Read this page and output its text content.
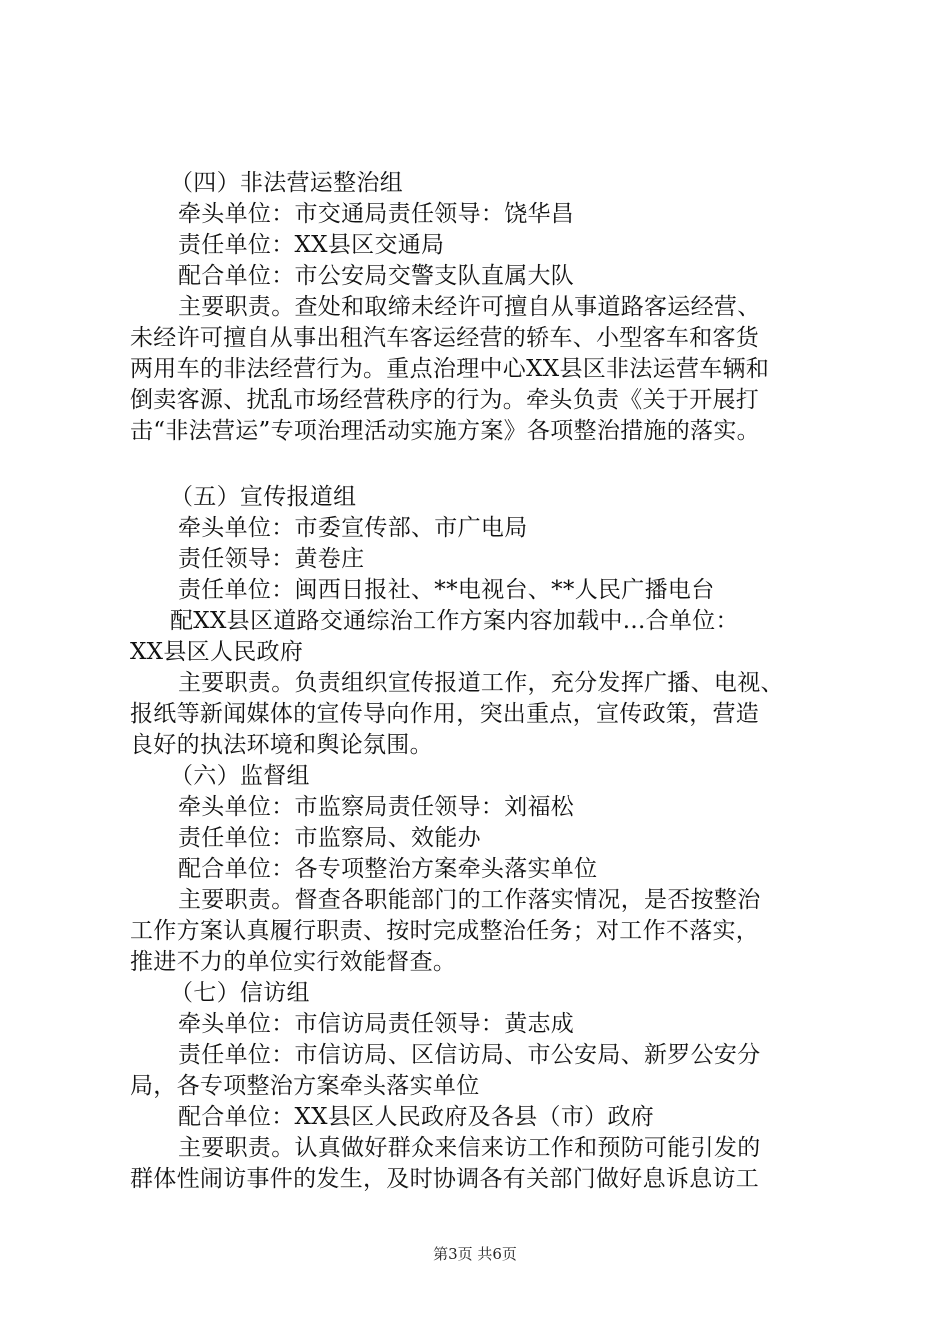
（四）非法营运整治组
牵头单位：市交通局责任领导：饶华昌
责任单位：XX县区交通局
配合单位：市公安局交警支队直属大队
主要职责。查处和取缔未经许可擅自从事道路客运经营、
未经许可擅自从事出租汽车客运经营的轿车、小型客车和客货
两用车的非法经营行为。重点治理中心XX县区非法运营车辆和
倒卖客源、扰乱市场经营秩序的行为。牵头负责《关于开展打
击“非法营运”专项治理活动实施方案》各项整治措施的落实。
（五）宣传报道组
牵头单位：市委宣传部、市广电局
责任领导：黄卷庄
责任单位：闽西日报社、**电视台、**人民广播电台
配XX县区道路交通综治工作方案内容加载中...合单位：
XX县区人民政府
主要职责。负责组织宣传报道工作，充分发挥广播、电视、
报纸等新闻媒体的宣传导向作用，突出重点，宣传政策，营造
良好的执法环境和舆论氛围。
（六）监督组
牵头单位：市监察局责任领导：刘福松
责任单位：市监察局、效能办
配合单位：各专项整治方案牵头落实单位
主要职责。督查各职能部门的工作落实情况，是否按整治
工作方案认真履行职责、按时完成整治任务；对工作不落实，
推进不力的单位实行效能督查。
（七）信访组
牵头单位：市信访局责任领导：黄志成
责任单位：市信访局、区信访局、市公安局、新罗公安分
局，各专项整治方案牵头落实单位
配合单位：XX县区人民政府及各县（市）政府
主要职责。认真做好群众来信来访工作和预防可能引发的
群体性闹访事件的发生，及时协调各有关部门做好息诉息访工
第3页 共6页
